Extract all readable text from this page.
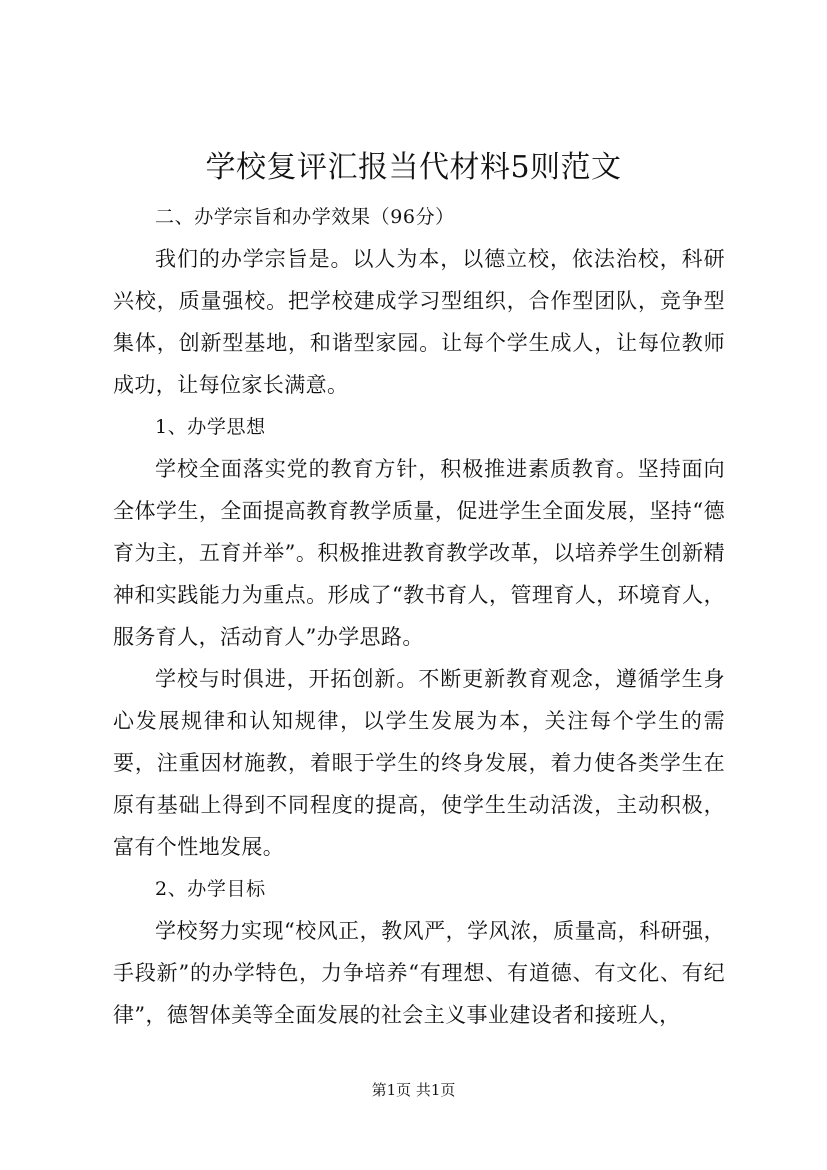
学校复评汇报当代材料5则范文

二、办学宗旨和办学效果（96分）

我们的办学宗旨是。以人为本，以德立校，依法治校，科研兴校，质量强校。把学校建成学习型组织，合作型团队，竞争型集体，创新型基地，和谐型家园。让每个学生成人，让每位教师成功，让每位家长满意。

1、办学思想

学校全面落实党的教育方针，积极推进素质教育。坚持面向全体学生，全面提高教育教学质量，促进学生全面发展，坚持“德育为主，五育并举”。积极推进教育教学改革，以培养学生创新精神和实践能力为重点。形成了“教书育人，管理育人，环境育人，服务育人，活动育人”办学思路。

学校与时俱进，开拓创新。不断更新教育观念，遵循学生身心发展规律和认知规律，以学生发展为本，关注每个学生的需要，注重因材施教，着眼于学生的终身发展，着力使各类学生在原有基础上得到不同程度的提高，使学生生动活泼，主动积极，富有个性地发展。

2、办学目标

学校努力实现“校风正，教风严，学风浓，质量高，科研强，手段新”的办学特色，力争培养“有理想、有道德、有文化、有纪律”，德智体美等全面发展的社会主义事业建设者和接班人，

第1页 共1页
